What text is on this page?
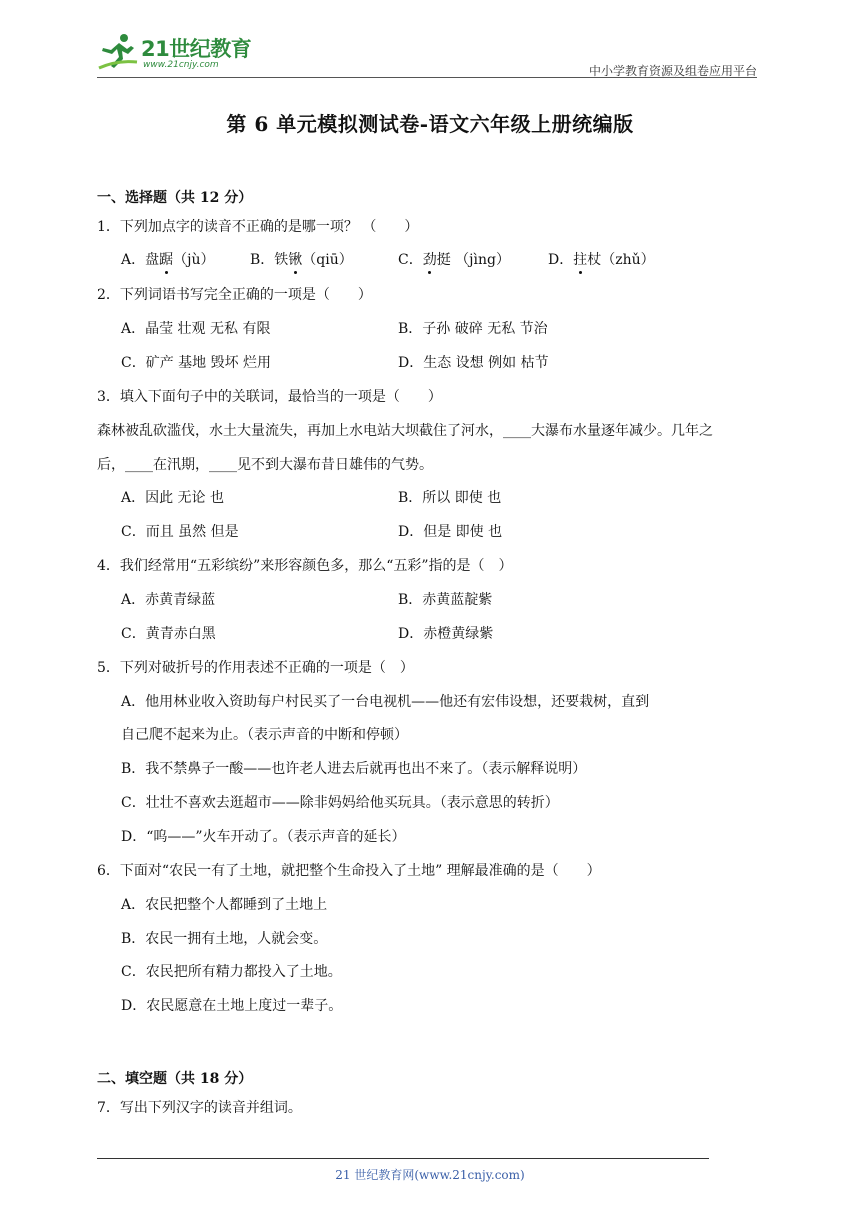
21世纪教育
www.21cnjy.com	中小学教育资源及组卷应用平台
第 6 单元模拟测试卷-语文六年级上册统编版
一、选择题（共 12 分）
1．下列加点字的读音不正确的是哪一项？ （　　）
A．盘踞（jù）	B．铁锹（qiū）	C．劲挺 （jìng）	D．拄杖（zhǔ）
2．下列词语书写完全正确的一项是（　　）
A．晶莹 壮观 无私 有限	B．子孙 破碎 无私 节治
C．矿产 基地 毁坏 烂用	D．生态 设想 例如 枯节
3．填入下面句子中的关联词，最恰当的一项是（　　）
森林被乱砍滥伐，水土大量流失，再加上水电站大坝截住了河水，____大瀑布水量逐年减少。几年之
后，____在汛期，____见不到大瀑布昔日雄伟的气势。
A．因此 无论 也	B．所以 即使 也
C．而且 虽然 但是	D．但是 即使 也
4．我们经常用“五彩缤纷”来形容颜色多，那么“五彩”指的是（　）
A．赤黄青绿蓝	B．赤黄蓝靛紫
C．黄青赤白黑	D．赤橙黄绿紫
5．下列对破折号的作用表述不正确的一项是（　）
A．他用林业收入资助每户村民买了一台电视机——他还有宏伟设想，还要栽树，直到
自己爬不起来为止。（表示声音的中断和停顿）
B．我不禁鼻子一酸——也许老人进去后就再也出不来了。（表示解释说明）
C．壮壮不喜欢去逛超市——除非妈妈给他买玩具。（表示意思的转折）
D．“呜——”火车开动了。（表示声音的延长）
6．下面对“农民一有了土地，就把整个生命投入了土地” 理解最准确的是（　　）
A．农民把整个人都睡到了土地上
B．农民一拥有土地，人就会变。
C．农民把所有精力都投入了土地。
D．农民愿意在土地上度过一辈子。
二、填空题（共 18 分）
7．写出下列汉字的读音并组词。
21 世纪教育网(www.21cnjy.com)
